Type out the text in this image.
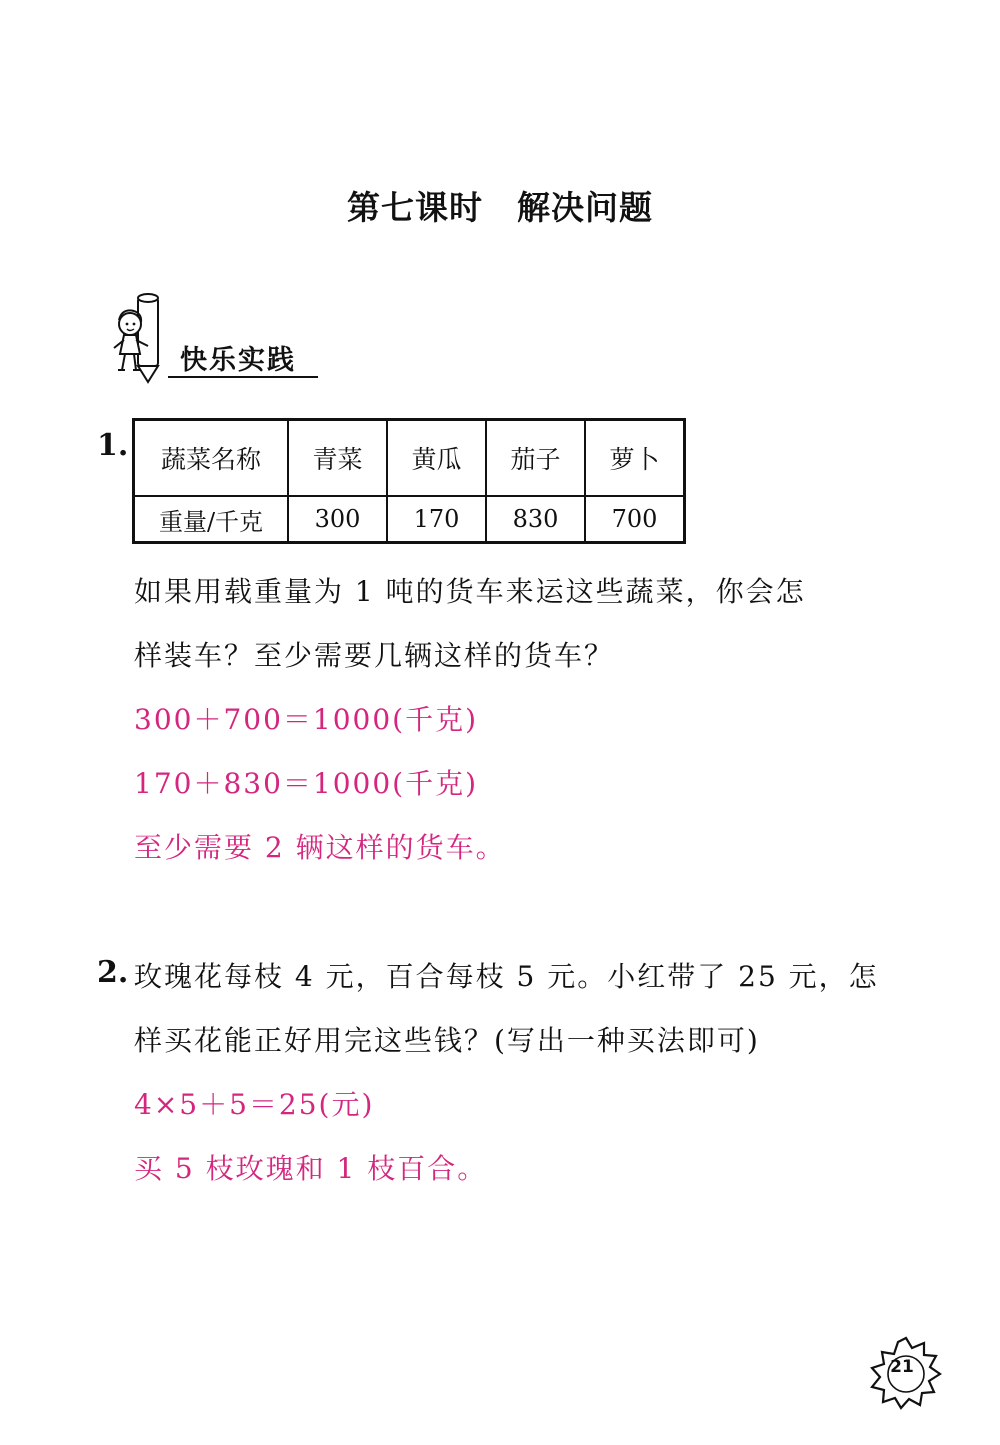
第七课时 解决问题
快乐实践
1. 蔬菜名称	青菜	黄瓜	茄子	萝卜
重量/千克	300	170	830	700
如果用载重量为 1 吨的货车来运这些蔬菜，你会怎
样装车？至少需要几辆这样的货车？
300＋700＝1000(千克)
170＋830＝1000(千克)
至少需要 2 辆这样的货车。
2. 玫瑰花每枝 4 元，百合每枝 5 元。小红带了 25 元，怎
样买花能正好用完这些钱？(写出一种买法即可)
4×5＋5＝25(元)
买 5 枝玫瑰和 1 枝百合。
21
